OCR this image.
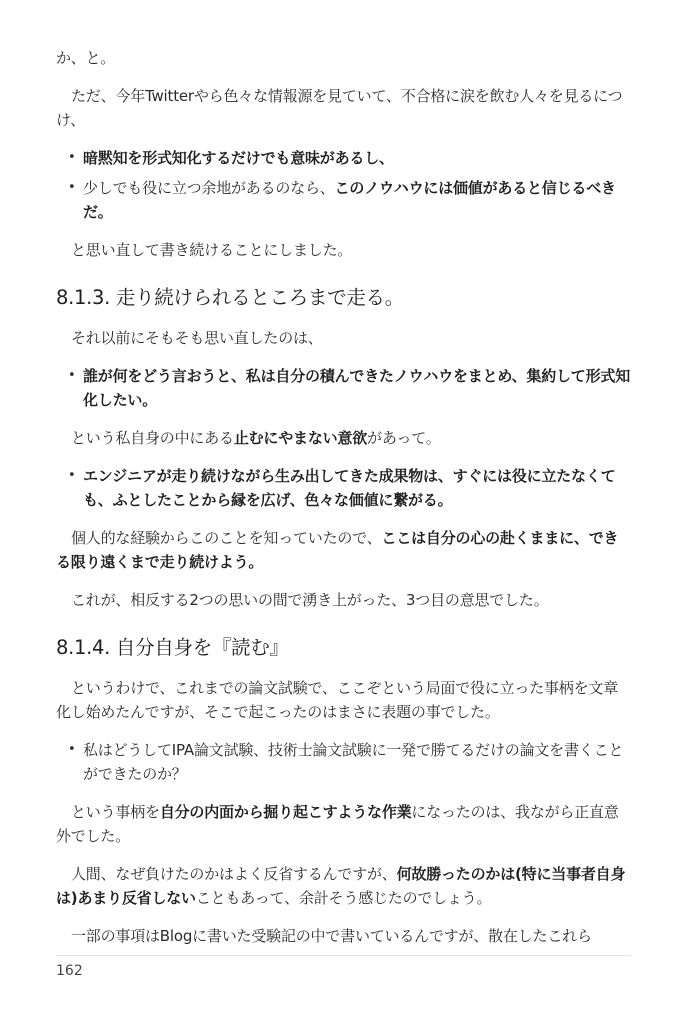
か、と。

ただ、今年Twitterやら色々な情報源を見ていて、不合格に涙を飲む人々を見るにつけ、

• 暗黙知を形式知化するだけでも意味があるし、
• 少しでも役に立つ余地があるのなら、このノウハウには価値があると信じるべきだ。

と思い直して書き続けることにしました。

8.1.3. 走り続けられるところまで走る。

それ以前にそもそも思い直したのは、

• 誰が何をどう言おうと、私は自分の積んできたノウハウをまとめ、集約して形式知化したい。

という私自身の中にある止むにやまない意欲があって。

• エンジニアが走り続けながら生み出してきた成果物は、すぐには役に立たなくても、ふとしたことから縁を広げ、色々な価値に繋がる。

個人的な経験からこのことを知っていたので、ここは自分の心の赴くままに、できる限り遠くまで走り続けよう。

これが、相反する2つの思いの間で湧き上がった、3つ目の意思でした。

8.1.4. 自分自身を『読む』

というわけで、これまでの論文試験で、ここぞという局面で役に立った事柄を文章化し始めたんですが、そこで起こったのはまさに表題の事でした。

• 私はどうしてIPA論文試験、技術士論文試験に一発で勝てるだけの論文を書くことができたのか？

という事柄を自分の内面から掘り起こすような作業になったのは、我ながら正直意外でした。

人間、なぜ負けたのかはよく反省するんですが、何故勝ったのかは(特に当事者自身は)あまり反省しないこともあって、余計そう感じたのでしょう。

一部の事項はBlogに書いた受験記の中で書いているんですが、散在したこれら

162
